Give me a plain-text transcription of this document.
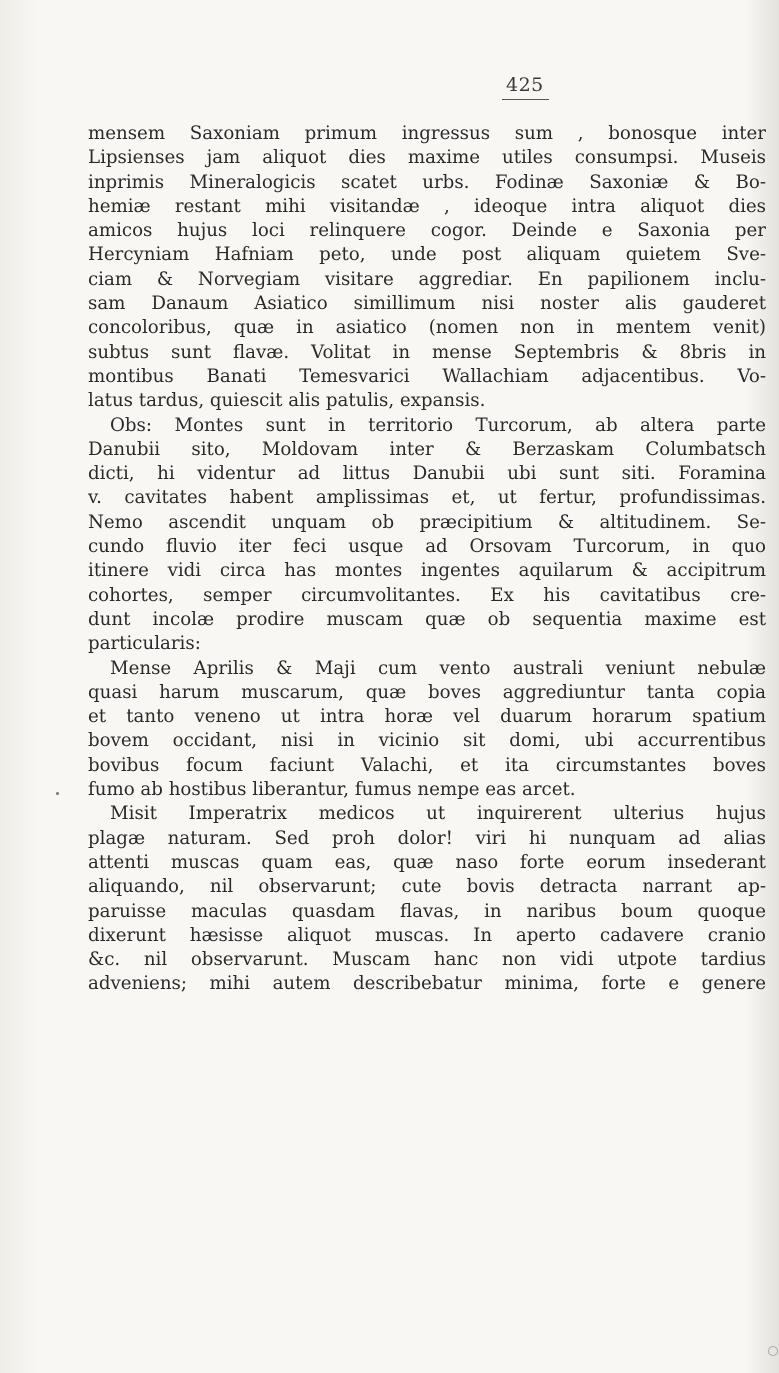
425
mensem Saxoniam primum ingressus sum , bonosque inter
Lipsienses jam aliquot dies maxime utiles consumpsi. Museis
inprimis Mineralogicis scatet urbs. Fodinæ Saxoniæ & Bo-
hemiæ restant mihi visitandæ , ideoque intra aliquot dies
amicos hujus loci relinquere cogor. Deinde e Saxonia per
Hercyniam Hafniam peto, unde post aliquam quietem Sve-
ciam & Norvegiam visitare aggrediar. En papilionem inclu-
sam Danaum Asiatico simillimum nisi noster alis gauderet
concoloribus, quæ in asiatico (nomen non in mentem venit)
subtus sunt flavæ. Volitat in mense Septembris & 8bris in
montibus Banati Temesvarici Wallachiam adjacentibus. Vo-
latus tardus, quiescit alis patulis, expansis.
Obs: Montes sunt in territorio Turcorum, ab altera parte
Danubii sito, Moldovam inter & Berzaskam Columbatsch
dicti, hi videntur ad littus Danubii ubi sunt siti. Foramina
v. cavitates habent amplissimas et, ut fertur, profundissimas.
Nemo ascendit unquam ob præcipitium & altitudinem. Se-
cundo fluvio iter feci usque ad Orsovam Turcorum, in quo
itinere vidi circa has montes ingentes aquilarum & accipitrum
cohortes, semper circumvolitantes. Ex his cavitatibus cre-
dunt incolæ prodire muscam quæ ob sequentia maxime est
particularis:
Mense Aprilis & Maji cum vento australi veniunt nebulæ
quasi harum muscarum, quæ boves aggrediuntur tanta copia
et tanto veneno ut intra horæ vel duarum horarum spatium
bovem occidant, nisi in vicinio sit domi, ubi accurrentibus
bovibus focum faciunt Valachi, et ita circumstantes boves
fumo ab hostibus liberantur, fumus nempe eas arcet.
Misit Imperatrix medicos ut inquirerent ulterius hujus
plagæ naturam. Sed proh dolor! viri hi nunquam ad alias
attenti muscas quam eas, quæ naso forte eorum insederant
aliquando, nil observarunt; cute bovis detracta narrant ap-
paruisse maculas quasdam flavas, in naribus boum quoque
dixerunt hæsisse aliquot muscas. In aperto cadavere cranio
&c. nil observarunt. Muscam hanc non vidi utpote tardius
adveniens; mihi autem describebatur minima, forte e genere
